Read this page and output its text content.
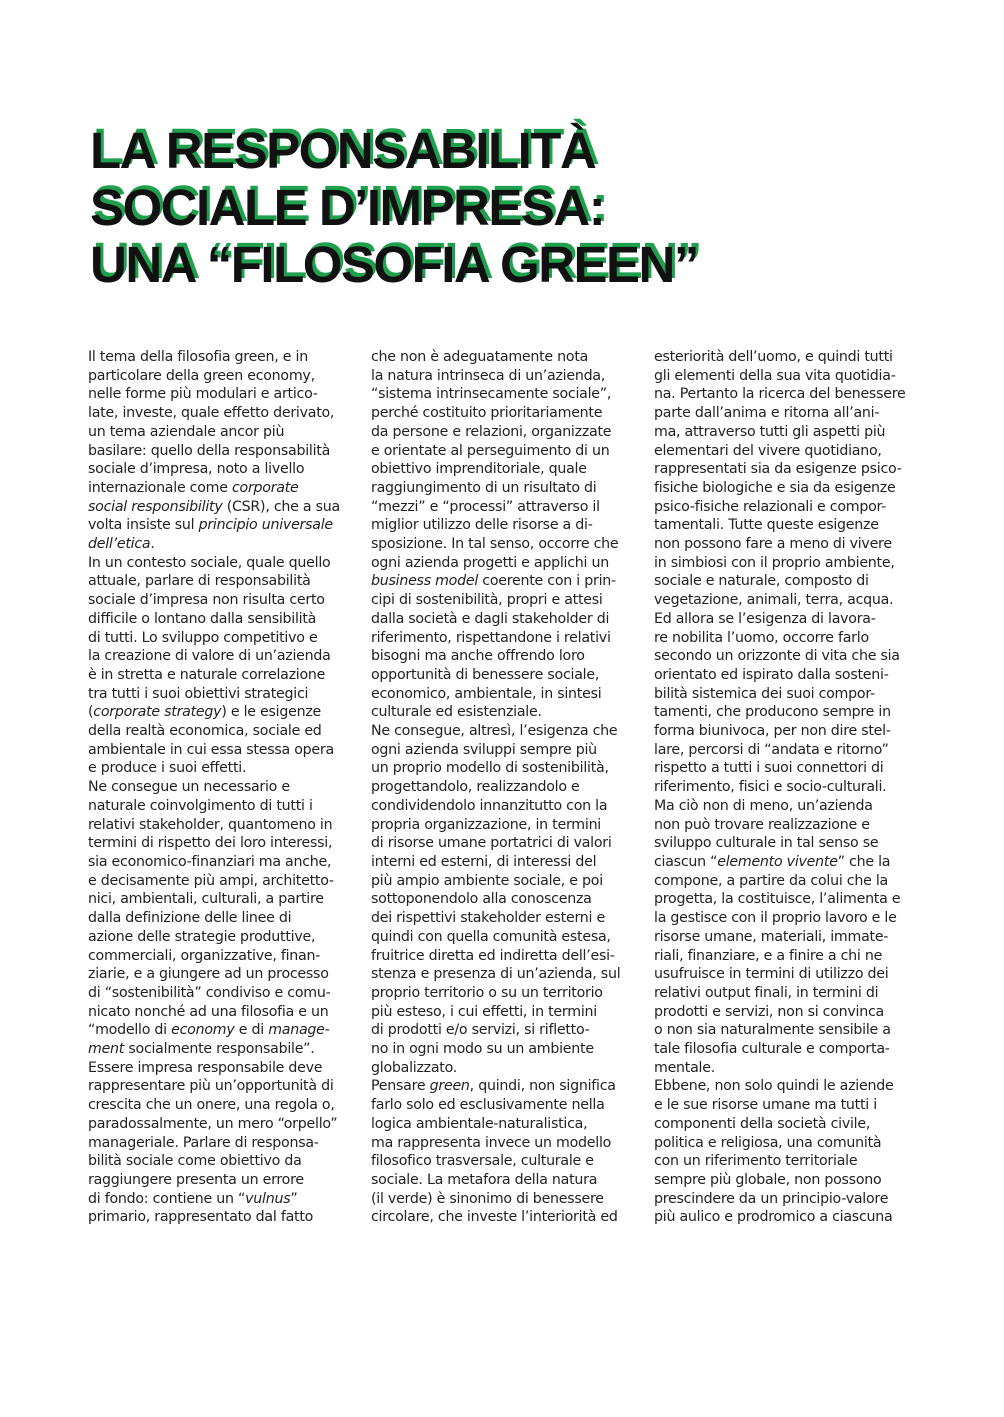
LA RESPONSABILITÀ
SOCIALE D’IMPRESA:
UNA “FILOSOFIA GREEN”
Il tema della filosofia green, e in
particolare della green economy,
nelle forme più modulari e artico-
late, investe, quale effetto derivato,
un tema aziendale ancor più
basilare: quello della responsabilità
sociale d’impresa, noto a livello
internazionale come corporate
social responsibility (CSR), che a sua
volta insiste sul principio universale
dell’etica.
In un contesto sociale, quale quello
attuale, parlare di responsabilità
sociale d’impresa non risulta certo
difficile o lontano dalla sensibilità
di tutti. Lo sviluppo competitivo e
la creazione di valore di un’azienda
è in stretta e naturale correlazione
tra tutti i suoi obiettivi strategici
(corporate strategy) e le esigenze
della realtà economica, sociale ed
ambientale in cui essa stessa opera
e produce i suoi effetti.
Ne consegue un necessario e
naturale coinvolgimento di tutti i
relativi stakeholder, quantomeno in
termini di rispetto dei loro interessi,
sia economico-finanziari ma anche,
e decisamente più ampi, architetto-
nici, ambientali, culturali, a partire
dalla definizione delle linee di
azione delle strategie produttive,
commerciali, organizzative, finan-
ziarie, e a giungere ad un processo
di “sostenibilità” condiviso e comu-
nicato nonché ad una filosofia e un
“modello di economy e di manage-
ment socialmente responsabile”.
Essere impresa responsabile deve
rappresentare più un’opportunità di
crescita che un onere, una regola o,
paradossalmente, un mero “orpello”
manageriale. Parlare di responsa-
bilità sociale come obiettivo da
raggiungere presenta un errore
di fondo: contiene un “vulnus”
primario, rappresentato dal fatto
che non è adeguatamente nota
la natura intrinseca di un’azienda,
“sistema intrinsecamente sociale”,
perché costituito prioritariamente
da persone e relazioni, organizzate
e orientate al perseguimento di un
obiettivo imprenditoriale, quale
raggiungimento di un risultato di
“mezzi” e “processi” attraverso il
miglior utilizzo delle risorse a di-
sposizione. In tal senso, occorre che
ogni azienda progetti e applichi un
business model coerente con i prin-
cipi di sostenibilità, propri e attesi
dalla società e dagli stakeholder di
riferimento, rispettandone i relativi
bisogni ma anche offrendo loro
opportunità di benessere sociale,
economico, ambientale, in sintesi
culturale ed esistenziale.
Ne consegue, altresì, l’esigenza che
ogni azienda sviluppi sempre più
un proprio modello di sostenibilità,
progettandolo, realizzandolo e
condividendolo innanzitutto con la
propria organizzazione, in termini
di risorse umane portatrici di valori
interni ed esterni, di interessi del
più ampio ambiente sociale, e poi
sottoponendolo alla conoscenza
dei rispettivi stakeholder esterni e
quindi con quella comunità estesa,
fruitrice diretta ed indiretta dell’esi-
stenza e presenza di un’azienda, sul
proprio territorio o su un territorio
più esteso, i cui effetti, in termini
di prodotti e/o servizi, si rifletto-
no in ogni modo su un ambiente
globalizzato.
Pensare green, quindi, non significa
farlo solo ed esclusivamente nella
logica ambientale-naturalistica,
ma rappresenta invece un modello
filosofico trasversale, culturale e
sociale. La metafora della natura
(il verde) è sinonimo di benessere
circolare, che investe l’interiorità ed
esteriorità dell’uomo, e quindi tutti
gli elementi della sua vita quotidia-
na. Pertanto la ricerca del benessere
parte dall’anima e ritorna all’ani-
ma, attraverso tutti gli aspetti più
elementari del vivere quotidiano,
rappresentati sia da esigenze psico-
fisiche biologiche e sia da esigenze
psico-fisiche relazionali e compor-
tamentali. Tutte queste esigenze
non possono fare a meno di vivere
in simbiosi con il proprio ambiente,
sociale e naturale, composto di
vegetazione, animali, terra, acqua.
Ed allora se l’esigenza di lavora-
re nobilita l’uomo, occorre farlo
secondo un orizzonte di vita che sia
orientato ed ispirato dalla sosteni-
bilità sistemica dei suoi compor-
tamenti, che producono sempre in
forma biunivoca, per non dire stel-
lare, percorsi di “andata e ritorno”
rispetto a tutti i suoi connettori di
riferimento, fisici e socio-culturali.
Ma ciò non di meno, un’azienda
non può trovare realizzazione e
sviluppo culturale in tal senso se
ciascun “elemento vivente” che la
compone, a partire da colui che la
progetta, la costituisce, l’alimenta e
la gestisce con il proprio lavoro e le
risorse umane, materiali, immate-
riali, finanziare, e a finire a chi ne
usufruisce in termini di utilizzo dei
relativi output finali, in termini di
prodotti e servizi, non si convinca
o non sia naturalmente sensibile a
tale filosofia culturale e comporta-
mentale.
Ebbene, non solo quindi le aziende
e le sue risorse umane ma tutti i
componenti della società civile,
politica e religiosa, una comunità
con un riferimento territoriale
sempre più globale, non possono
prescindere da un principio-valore
più aulico e prodromico a ciascuna
